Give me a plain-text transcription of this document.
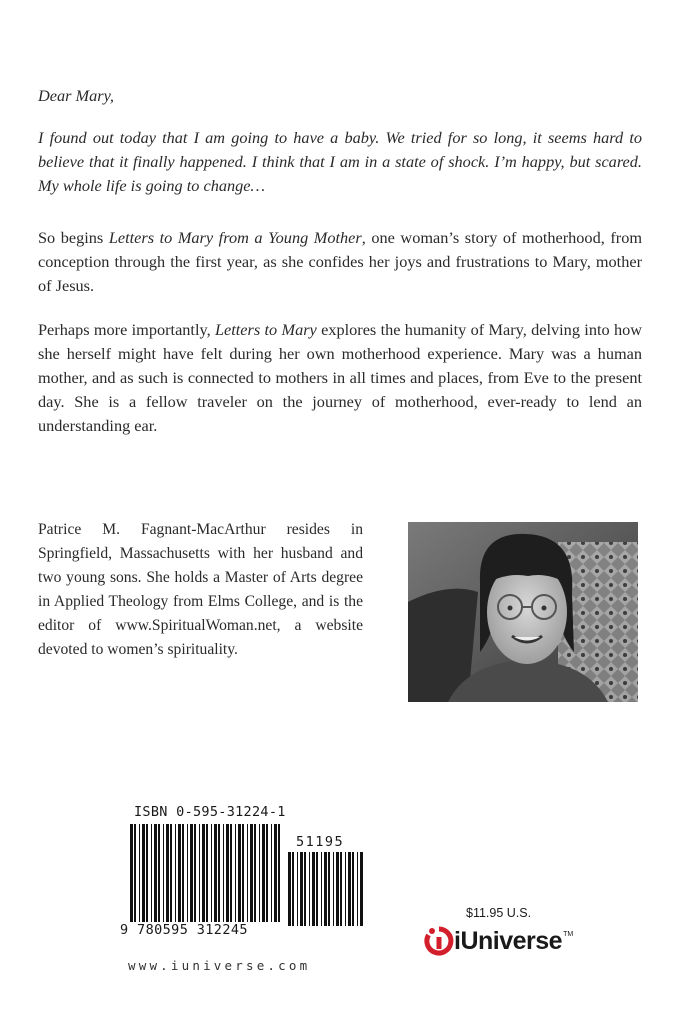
Dear Mary,
I found out today that I am going to have a baby. We tried for so long, it seems hard to believe that it finally happened. I think that I am in a state of shock. I’m happy, but scared. My whole life is going to change…
So begins Letters to Mary from a Young Mother, one woman’s story of motherhood, from conception through the first year, as she confides her joys and frustrations to Mary, mother of Jesus.
Perhaps more importantly, Letters to Mary explores the humanity of Mary, delving into how she herself might have felt during her own motherhood experience. Mary was a human mother, and as such is connected to mothers in all times and places, from Eve to the present day. She is a fellow traveler on the journey of motherhood, ever-ready to lend an understanding ear.
Patrice M. Fagnant-MacArthur resides in Springfield, Massachusetts with her husband and two young sons. She holds a Master of Arts degree in Applied Theology from Elms College, and is the editor of www.SpiritualWoman.net, a website devoted to women’s spirituality.
ISBN 0-595-31224-1
51195
9 780595 312245
www.iuniverse.com
$11.95 U.S.
iUniverse TM
